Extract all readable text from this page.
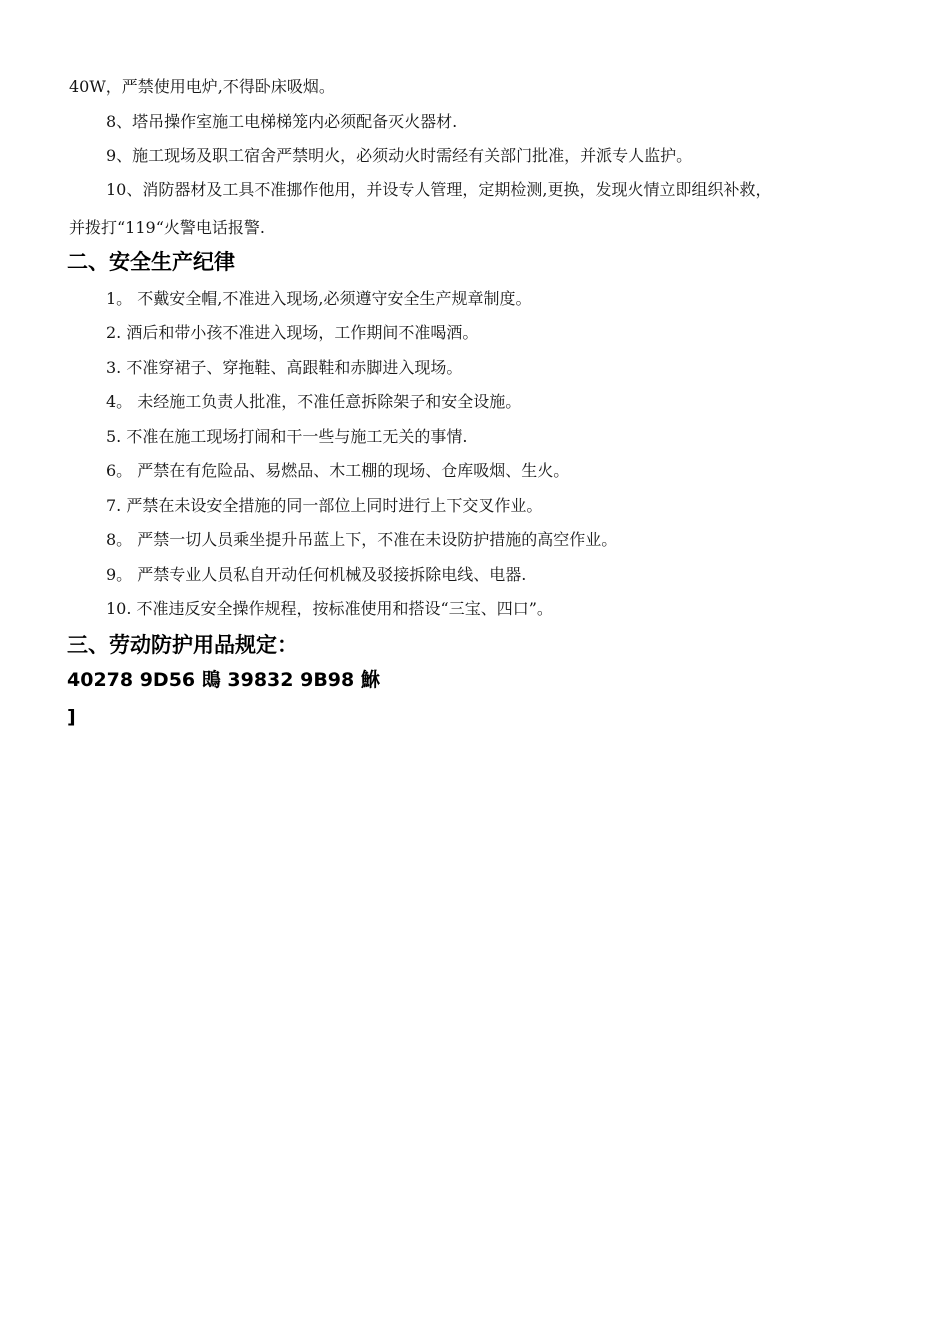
40W，严禁使用电炉,不得卧床吸烟。
8、塔吊操作室施工电梯梯笼内必须配备灭火器材.
9、施工现场及职工宿舍严禁明火，必须动火时需经有关部门批准，并派专人监护。
10、消防器材及工具不准挪作他用，并设专人管理，定期检测,更换，发现火情立即组织补救，
并拨打“119“火警电话报警.
二、安全生产纪律
1。 不戴安全帽,不准进入现场,必须遵守安全生产规章制度。
2. 酒后和带小孩不准进入现场，工作期间不准喝酒。
3. 不准穿裙子、穿拖鞋、高跟鞋和赤脚进入现场。
4。 未经施工负责人批准，不准任意拆除架子和安全设施。
5. 不准在施工现场打闹和干一些与施工无关的事情.
6。 严禁在有危险品、易燃品、木工棚的现场、仓库吸烟、生火。
7. 严禁在未设安全措施的同一部位上同时进行上下交叉作业。
8。 严禁一切人员乘坐提升吊蓝上下，不准在未设防护措施的高空作业。
9。 严禁专业人员私自开动任何机械及驳接拆除电线、电器.
10. 不准违反安全操作规程，按标准使用和搭设“三宝、四口”。
三、劳动防护用品规定：
40278 9D56 鵖 39832 9B98 鮴
]
